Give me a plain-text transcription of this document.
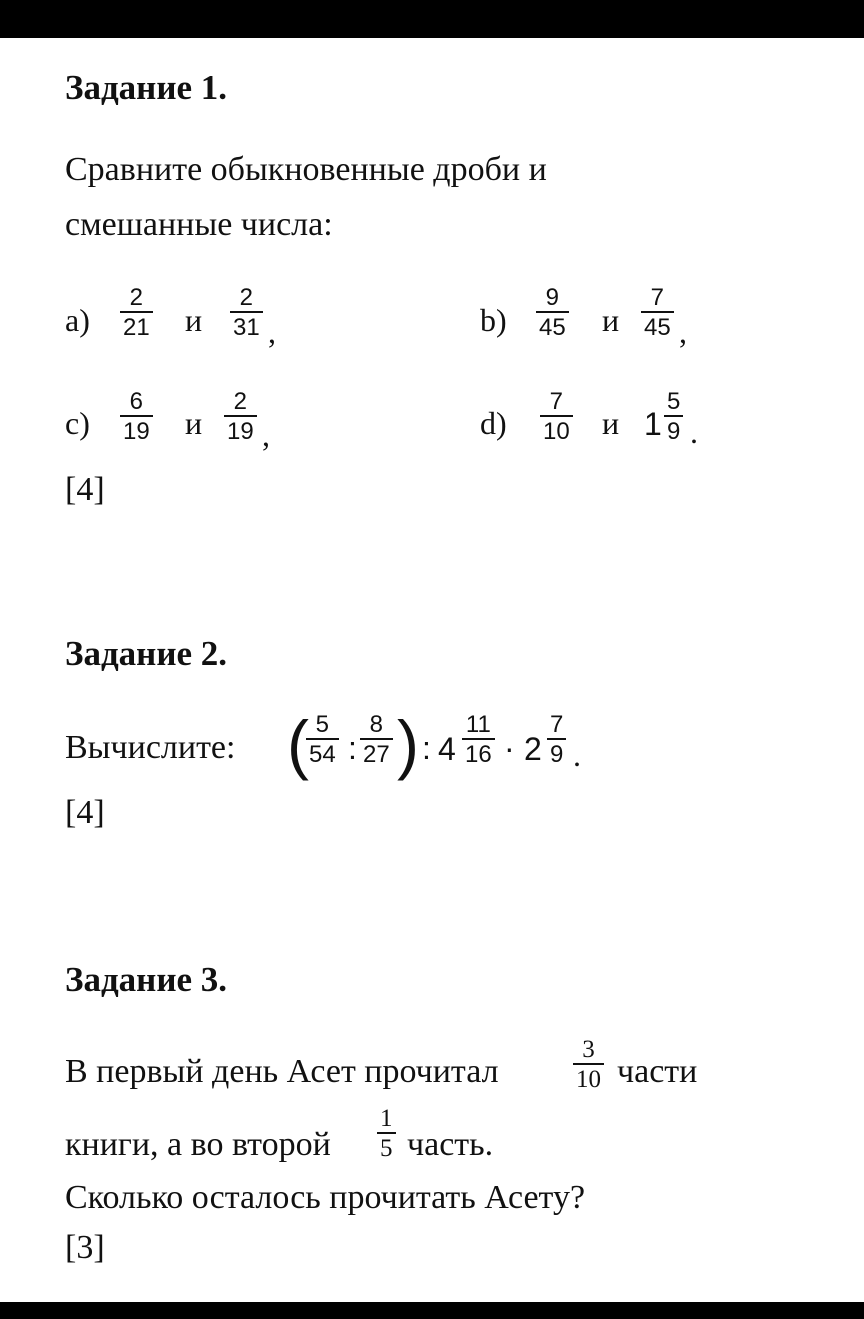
Задание 1.
Сравните обыкновенные дроби и
смешанные числа:
$а) \frac{2}{21}$ и $\frac{2}{31}$ ,	$b) \frac{9}{45}$ и $\frac{7}{45}$ ,
$с) \frac{6}{19}$ и $\frac{2}{19}$ ,	$d) \frac{7}{10}$ и $1 \frac{5}{9}$ .
[4]
Задание 2.
Вычислите: (
$\frac{5}{54}$ : $\frac{8}{27}$ ) : $4 \frac{11}{16} \cdot 2 \frac{7}{9}$ .
[4]
Задание 3.
В первый день Асет прочитал	$\frac{3}{10}$ части
книги, а во второй $\frac{1}{5}$ часть.
Сколько осталось прочитать Асету?
[3]
